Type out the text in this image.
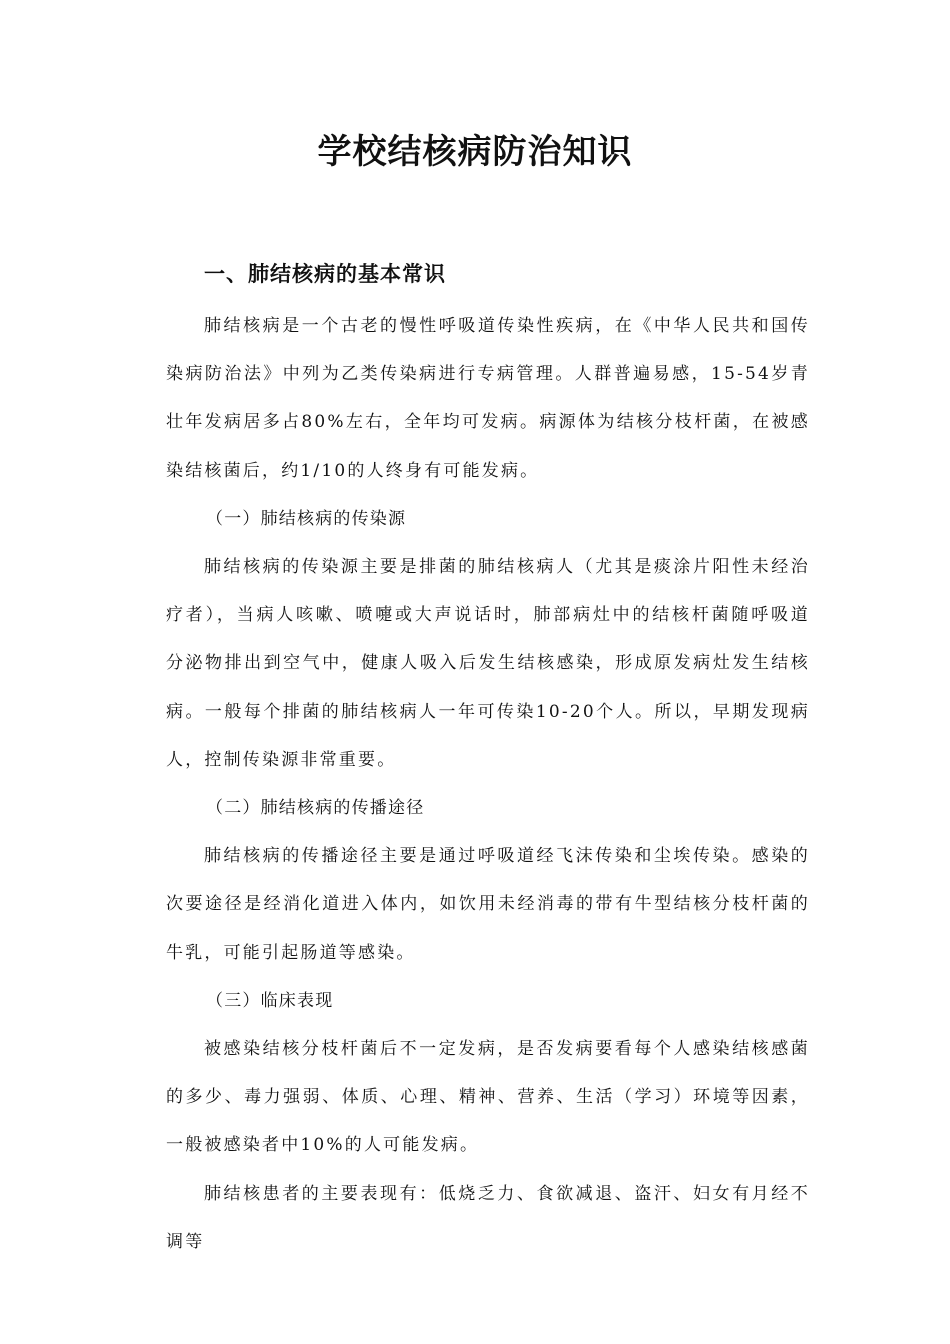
学校结核病防治知识
一、肺结核病的基本常识

肺结核病是一个古老的慢性呼吸道传染性疾病，在《中华人民共和国传染病防治法》中列为乙类传染病进行专病管理。人群普遍易感，15-54岁青壮年发病居多占80%左右，全年均可发病。病源体为结核分枝杆菌，在被感染结核菌后，约1/10的人终身有可能发病。

（一）肺结核病的传染源

肺结核病的传染源主要是排菌的肺结核病人（尤其是痰涂片阳性未经治疗者），当病人咳嗽、喷嚏或大声说话时，肺部病灶中的结核杆菌随呼吸道分泌物排出到空气中，健康人吸入后发生结核感染，形成原发病灶发生结核病。一般每个排菌的肺结核病人一年可传染10-20个人。所以，早期发现病人，控制传染源非常重要。

（二）肺结核病的传播途径

肺结核病的传播途径主要是通过呼吸道经飞沫传染和尘埃传染。感染的次要途径是经消化道进入体内，如饮用未经消毒的带有牛型结核分枝杆菌的牛乳，可能引起肠道等感染。

（三）临床表现

被感染结核分枝杆菌后不一定发病，是否发病要看每个人感染结核感菌的多少、毒力强弱、体质、心理、精神、营养、生活（学习）环境等因素，一般被感染者中10%的人可能发病。

肺结核患者的主要表现有：低烧乏力、食欲减退、盗汗、妇女有月经不调等
